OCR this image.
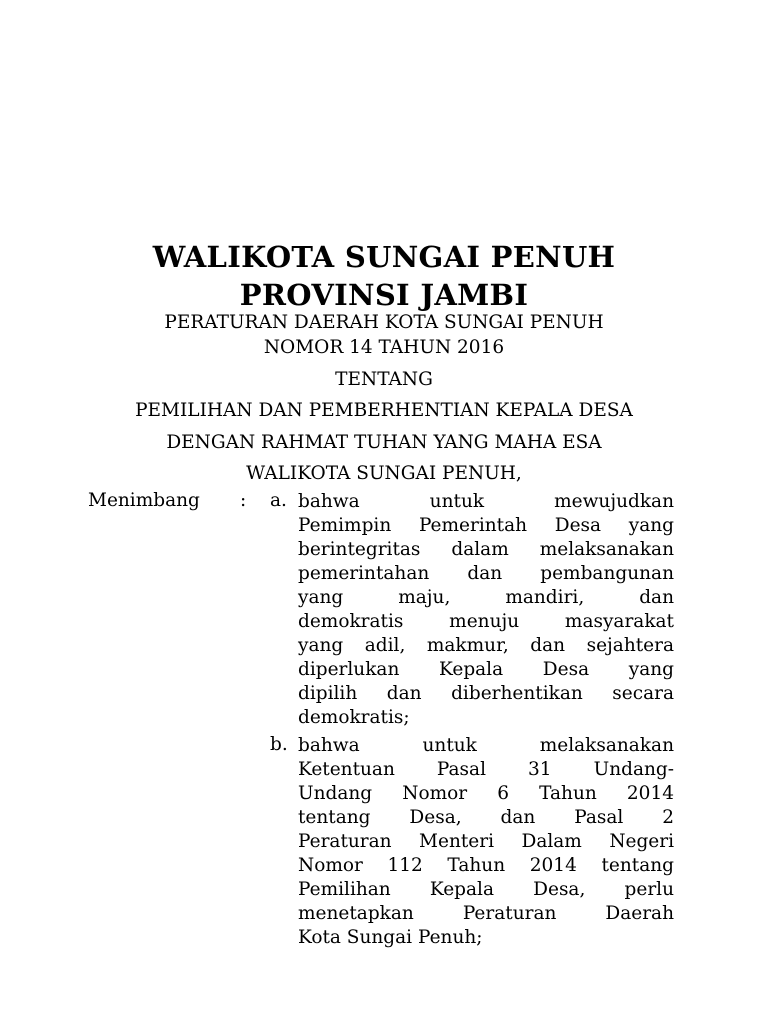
WALIKOTA SUNGAI PENUH
PROVINSI JAMBI
PERATURAN DAERAH KOTA SUNGAI PENUH
NOMOR 14 TAHUN 2016
TENTANG
PEMILIHAN DAN PEMBERHENTIAN KEPALA DESA
DENGAN RAHMAT TUHAN YANG MAHA ESA
WALIKOTA SUNGAI PENUH,
Menimbang : a. bahwa untuk mewujudkan
Pemimpin Pemerintah Desa yang
berintegritas dalam melaksanakan
pemerintahan dan pembangunan
yang maju, mandiri, dan
demokratis menuju masyarakat
yang adil, makmur, dan sejahtera
diperlukan Kepala Desa yang
dipilih dan diberhentikan secara
demokratis;
b. bahwa untuk melaksanakan
Ketentuan Pasal 31 Undang-
Undang Nomor 6 Tahun 2014
tentang Desa, dan Pasal 2
Peraturan Menteri Dalam Negeri
Nomor 112 Tahun 2014 tentang
Pemilihan Kepala Desa, perlu
menetapkan Peraturan Daerah
Kota Sungai Penuh;
